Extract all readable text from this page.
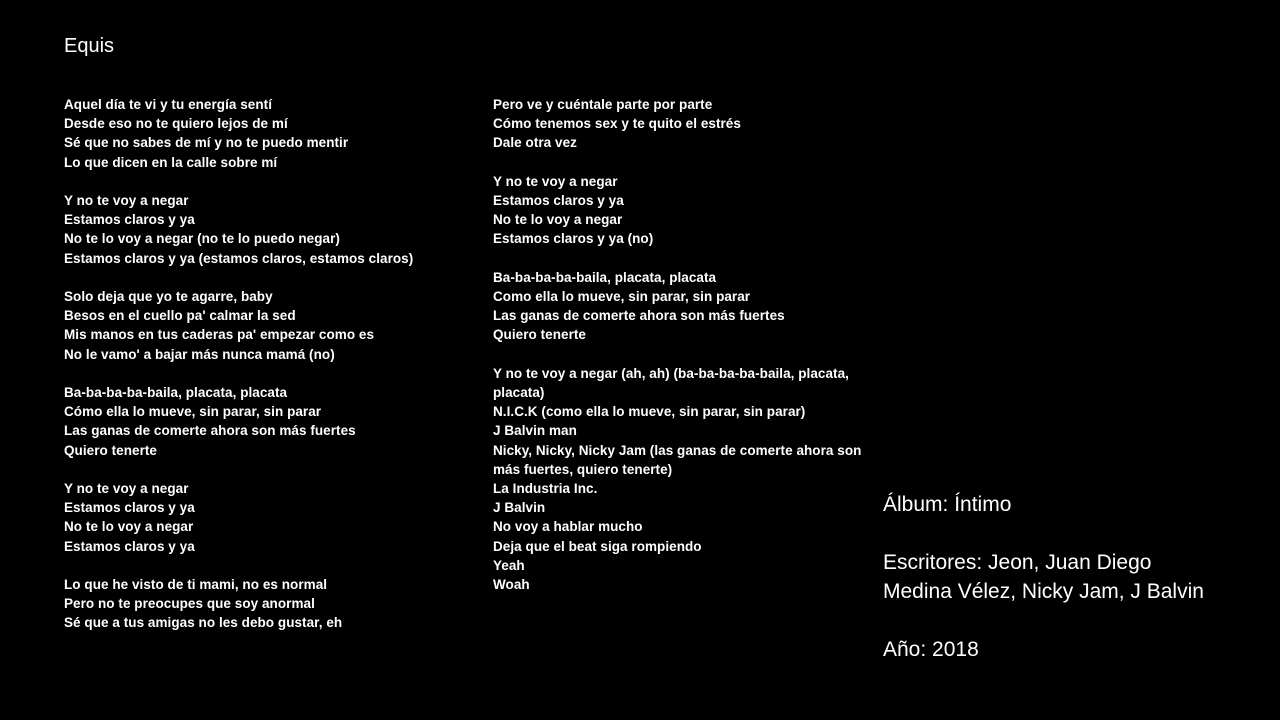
Equis
Aquel día te vi y tu energía sentí
Desde eso no te quiero lejos de mí
Sé que no sabes de mí y no te puedo mentir
Lo que dicen en la calle sobre mí
Y no te voy a negar
Estamos claros y ya
No te lo voy a negar (no te lo puedo negar)
Estamos claros y ya (estamos claros, estamos claros)
Solo deja que yo te agarre, baby
Besos en el cuello pa' calmar la sed
Mis manos en tus caderas pa' empezar como es
No le vamo' a bajar más nunca mamá (no)
Ba-ba-ba-ba-baila, placata, placata
Cómo ella lo mueve, sin parar, sin parar
Las ganas de comerte ahora son más fuertes
Quiero tenerte
Y no te voy a negar
Estamos claros y ya
No te lo voy a negar
Estamos claros y ya
Lo que he visto de ti mami, no es normal
Pero no te preocupes que soy anormal
Sé que a tus amigas no les debo gustar, eh
Pero ve y cuéntale parte por parte
Cómo tenemos sex y te quito el estrés
Dale otra vez
Y no te voy a negar
Estamos claros y ya
No te lo voy a negar
Estamos claros y ya (no)
Ba-ba-ba-ba-baila, placata, placata
Como ella lo mueve, sin parar, sin parar
Las ganas de comerte ahora son más fuertes
Quiero tenerte
Y no te voy a negar (ah, ah) (ba-ba-ba-ba-baila, placata,
placata)
N.I.C.K (como ella lo mueve, sin parar, sin parar)
J Balvin man
Nicky, Nicky, Nicky Jam (las ganas de comerte ahora son
más fuertes, quiero tenerte)
La Industria Inc.
J Balvin
No voy a hablar mucho
Deja que el beat siga rompiendo
Yeah
Woah
Álbum: Íntimo
Escritores: Jeon, Juan Diego
Medina Vélez, Nicky Jam, J Balvin
Año: 2018
